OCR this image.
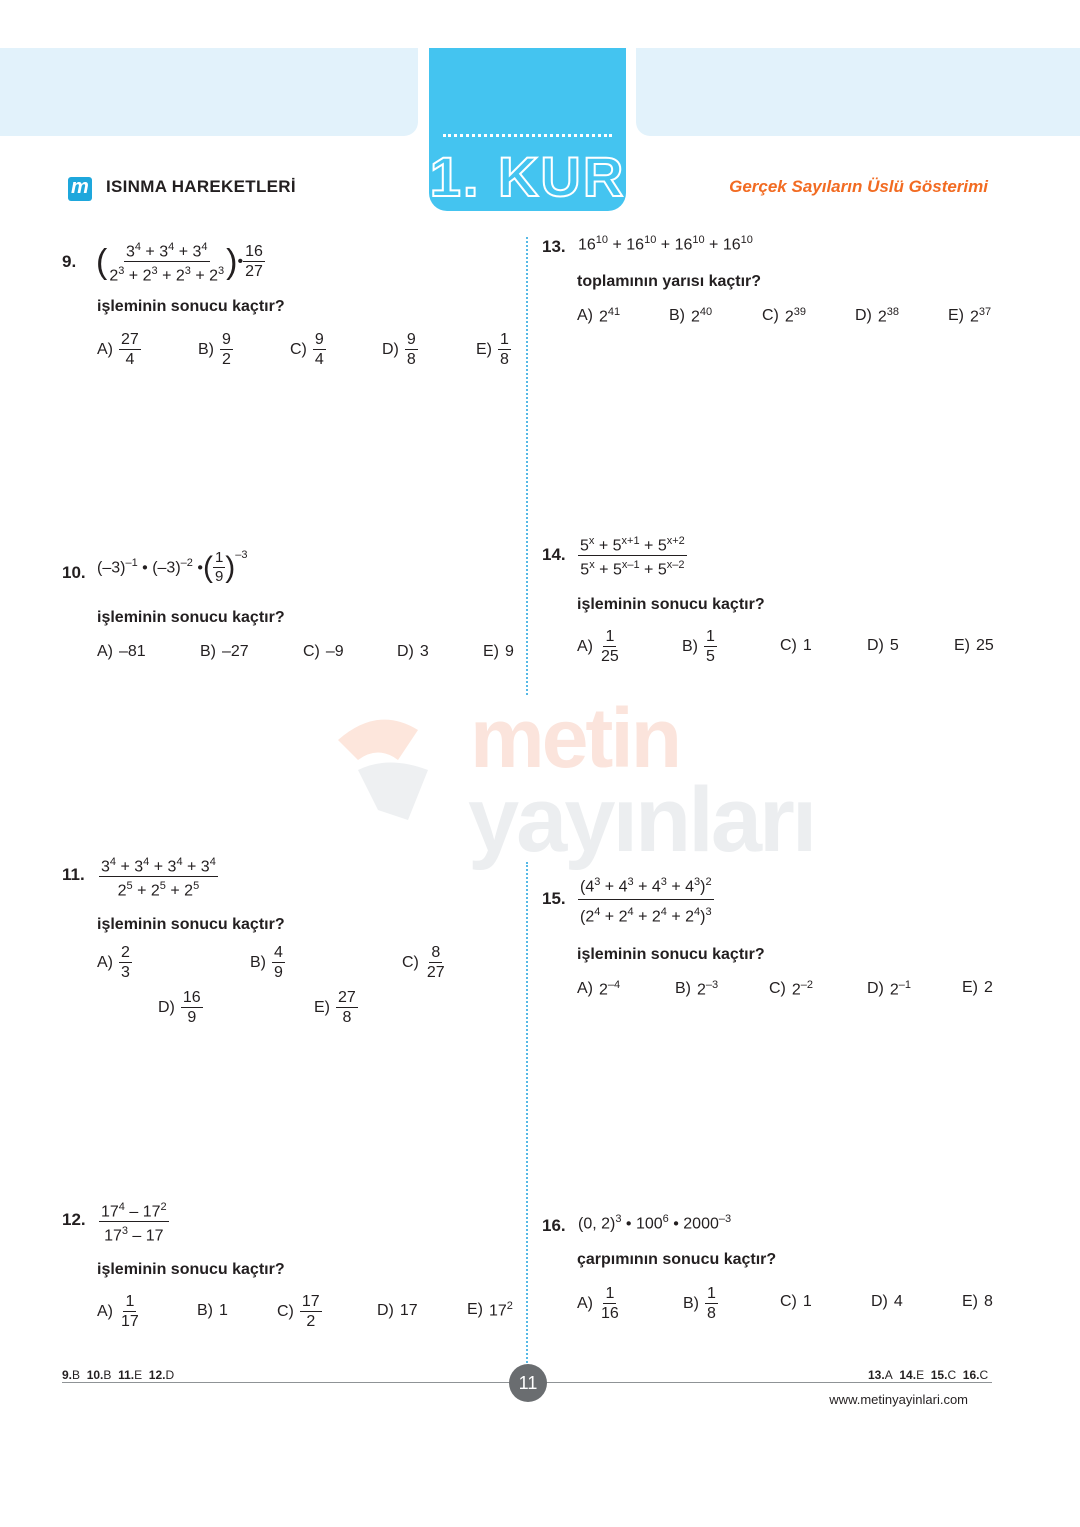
1. KUR
m ISINMA HAREKETLERİ	Gerçek Sayıların Üslü Gösterimi
metin
yayınları
9. ( $3^4 + 3^4 + 3^4$
$2^3 + 2^3 + 2^3 + 2^3$ ) •
16
27
işleminin sonucu kaçtır?
A)
27
4
B)
9
2
C)
9
4
D)
9
8
E)
1
8
10. $(-3)^{-1}$ • $(-3)^{-2}$ • ( 1
9 )$^{-3}$
işleminin sonucu kaçtır?
A) –81	B) –27	C) –9	D) 3	E) 9
11. $3^4 + 3^4 + 3^4 + 3^4$
$2^5 + 2^5 + 2^5$
işleminin sonucu kaçtır?
A)
2
3
B)
4
9
C)
8
27
D)
16
9
E)
27
8
12. $17^4 - 17^2$
$17^3 - 17$
işleminin sonucu kaçtır?
A)
1
17
B) 1	C)
17
2
D) 17	E) $17^2$
13. $16^{10} + 16^{10} + 16^{10} + 16^{10}$
toplamının yarısı kaçtır?
A) $2^{41}$	B) $2^{40}$	C) $2^{39}$	D) $2^{38}$	E) $2^{37}$
14. $5^x + 5^{x+1} + 5^{x+2}$
$5^x + 5^{x-1} + 5^{x-2}$
işleminin sonucu kaçtır?
A)
1
25
B)
1
5
C) 1	D) 5	E) 25
15.
$(4^3 + 4^3 + 4^3 + 4^3)^2$
$(2^4 + 2^4 + 2^4 + 2^4)^3$
işleminin sonucu kaçtır?
A) $2^{-4}$	B) $2^{-3}$	C) $2^{-2}$	D) $2^{-1}$	E) 2
16. (0, 2)$^3$ • $100^6$ • $2000^{-3}$
çarpımının sonucu kaçtır?
A)
1
16
B)
1
8
C) 1	D) 4	E) 8
9.B 10.B 11.E 12.D	13.A 14.E 15.C 16.C
11
www.metinyayinlari.com
